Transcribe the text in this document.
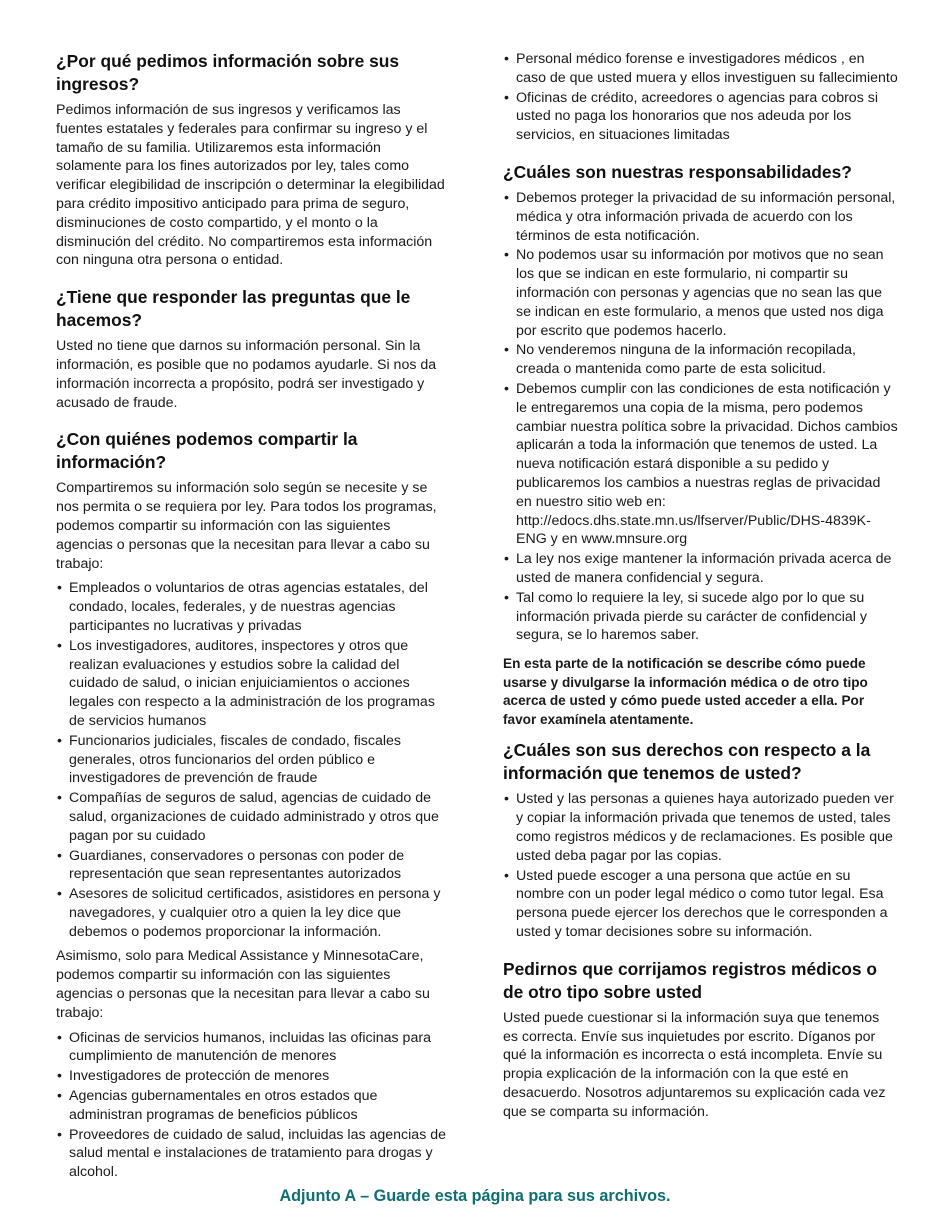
¿Por qué pedimos información sobre sus ingresos?

Pedimos información de sus ingresos y verificamos las fuentes estatales y federales para confirmar su ingreso y el tamaño de su familia. Utilizaremos esta información solamente para los fines autorizados por ley, tales como verificar elegibilidad de inscripción o determinar la elegibilidad para crédito impositivo anticipado para prima de seguro, disminuciones de costo compartido, y el monto o la disminución del crédito. No compartiremos esta información con ninguna otra persona o entidad.

¿Tiene que responder las preguntas que le hacemos?

Usted no tiene que darnos su información personal. Sin la información, es posible que no podamos ayudarle. Si nos da información incorrecta a propósito, podrá ser investigado y acusado de fraude.

¿Con quiénes podemos compartir la información?

Compartiremos su información solo según se necesite y se nos permita o se requiera por ley. Para todos los programas, podemos compartir su información con las siguientes agencias o personas que la necesitan para llevar a cabo su trabajo:

• Empleados o voluntarios de otras agencias estatales, del condado, locales, federales, y de nuestras agencias participantes no lucrativas y privadas
• Los investigadores, auditores, inspectores y otros que realizan evaluaciones y estudios sobre la calidad del cuidado de salud, o inician enjuiciamientos o acciones legales con respecto a la administración de los programas de servicios humanos
• Funcionarios judiciales, fiscales de condado, fiscales generales, otros funcionarios del orden público e investigadores de prevención de fraude
• Compañías de seguros de salud, agencias de cuidado de salud, organizaciones de cuidado administrado y otros que pagan por su cuidado
• Guardianes, conservadores o personas con poder de representación que sean representantes autorizados
• Asesores de solicitud certificados, asistidores en persona y navegadores, y cualquier otro a quien la ley dice que debemos o podemos proporcionar la información.

Asimismo, solo para Medical Assistance y MinnesotaCare, podemos compartir su información con las siguientes agencias o personas que la necesitan para llevar a cabo su trabajo:

• Oficinas de servicios humanos, incluidas las oficinas para cumplimiento de manutención de menores
• Investigadores de protección de menores
• Agencias gubernamentales en otros estados que administran programas de beneficios públicos
• Proveedores de cuidado de salud, incluidas las agencias de salud mental e instalaciones de tratamiento para drogas y alcohol.
• Personal médico forense e investigadores médicos , en caso de que usted muera y ellos investiguen su fallecimiento
• Oficinas de crédito, acreedores o agencias para cobros si usted no paga los honorarios que nos adeuda por los servicios, en situaciones limitadas
¿Cuáles son nuestras responsabilidades?
• Debemos proteger la privacidad de su información personal, médica y otra información privada de acuerdo con los términos de esta notificación.
• No podemos usar su información por motivos que no sean los que se indican en este formulario, ni compartir su información con personas y agencias que no sean las que se indican en este formulario, a menos que usted nos diga por escrito que podemos hacerlo.
• No venderemos ninguna de la información recopilada, creada o mantenida como parte de esta solicitud.
• Debemos cumplir con las condiciones de esta notificación y le entregaremos una copia de la misma, pero podemos cambiar nuestra política sobre la privacidad. Dichos cambios aplicarán a toda la información que tenemos de usted. La nueva notificación estará disponible a su pedido y publicaremos los cambios a nuestras reglas de privacidad en nuestro sitio web en: http://edocs.dhs.state.mn.us/lfserver/Public/DHS-4839K-ENG y en www.mnsure.org
• La ley nos exige mantener la información privada acerca de usted de manera confidencial y segura.
• Tal como lo requiere la ley, si sucede algo por lo que su información privada pierde su carácter de confidencial y segura, se lo haremos saber.

En esta parte de la notificación se describe cómo puede usarse y divulgarse la información médica o de otro tipo acerca de usted y cómo puede usted acceder a ella. Por favor examínela atentamente.

¿Cuáles son sus derechos con respecto a la información que tenemos de usted?
• Usted y las personas a quienes haya autorizado pueden ver y copiar la información privada que tenemos de usted, tales como registros médicos y de reclamaciones. Es posible que usted deba pagar por las copias.
• Usted puede escoger a una persona que actúe en su nombre con un poder legal médico o como tutor legal. Esa persona puede ejercer los derechos que le corresponden a usted y tomar decisiones sobre su información.
Pedirnos que corrijamos registros médicos o de otro tipo sobre usted

Usted puede cuestionar si la información suya que tenemos es correcta. Envíe sus inquietudes por escrito. Díganos por qué la información es incorrecta o está incompleta. Envíe su propia explicación de la información con la que esté en desacuerdo. Nosotros adjuntaremos su explicación cada vez que se comparta su información.

Adjunto A – Guarde esta página para sus archivos.
